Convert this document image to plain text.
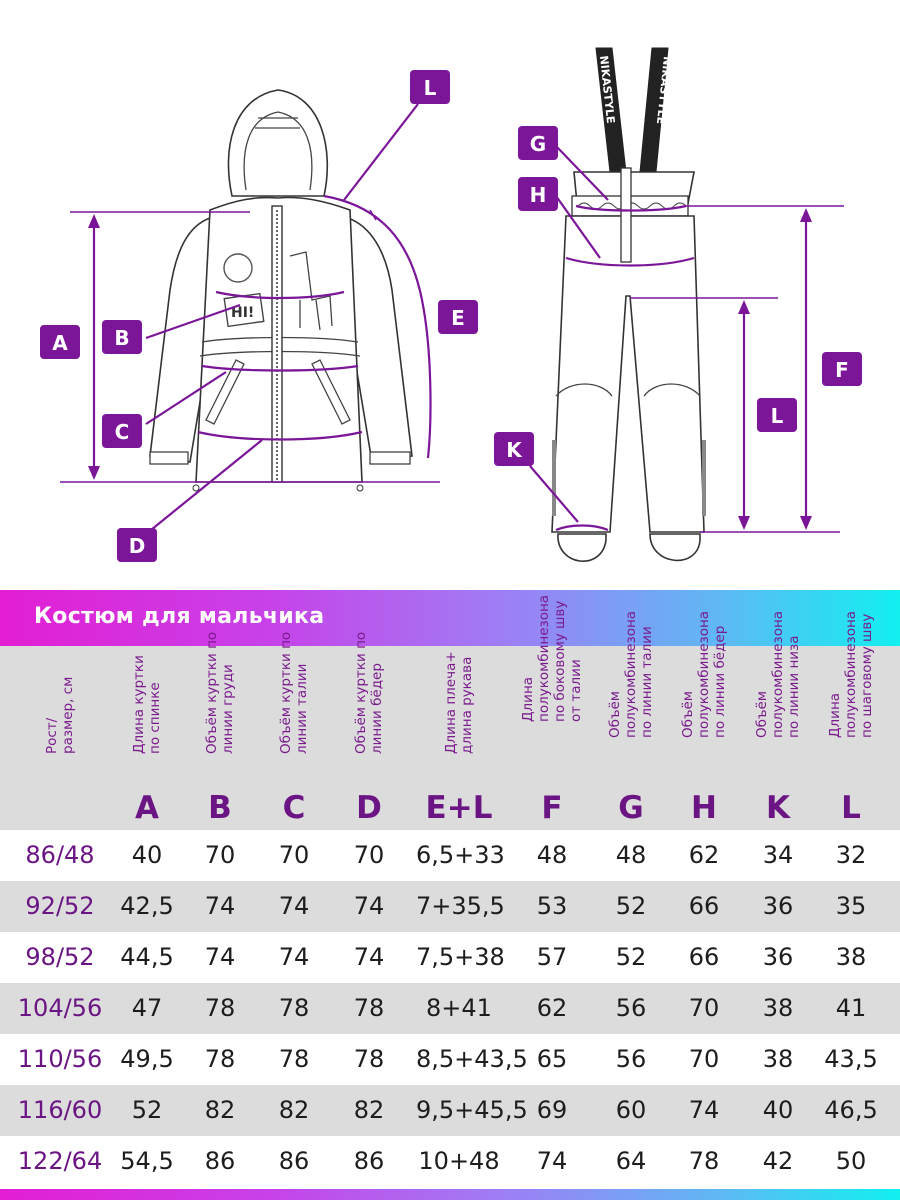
HI!
A B
C
D
E
L	NIKASTYLE	NIKASTYLE
G
H
K
L
F
Костюм для мальчика
Рост/
размер, см
Длина куртки
по спинке
A
Объём куртки по
линии груди
B
Объём куртки по
линии талии
C
Объём куртки по
линии бёдер
D
Длина плеча+
длина рукава
E+L
Длина
полукомбинезона
по боковому шву
от талии
F
Объём
полукомбинезона
по линии талии
G
Объём
полукомбинезона
по линии бёдер
H
Объём
полукомбинезона
по линии низа
K
Длина
полукомбинезона
по шаговому шву
L
86/48	40	70	70	70	6,5+33	48	48	62	34	32
92/52	42,5	74	74	74	7+35,5	53	52	66	36	35
98/52	44,5	74	74	74	7,5+38	57	52	66	36	38
104/56	47	78	78	78	8+41	62	56	70	38	41
110/56 49,5	78	78	78	8,5+43,5 65	56	70	38	43,5
116/60	52	82	82	82	9,5+45,5 69	60	74	40	46,5
122/64 54,5	86	86	86	10+48	74	64	78	42	50
